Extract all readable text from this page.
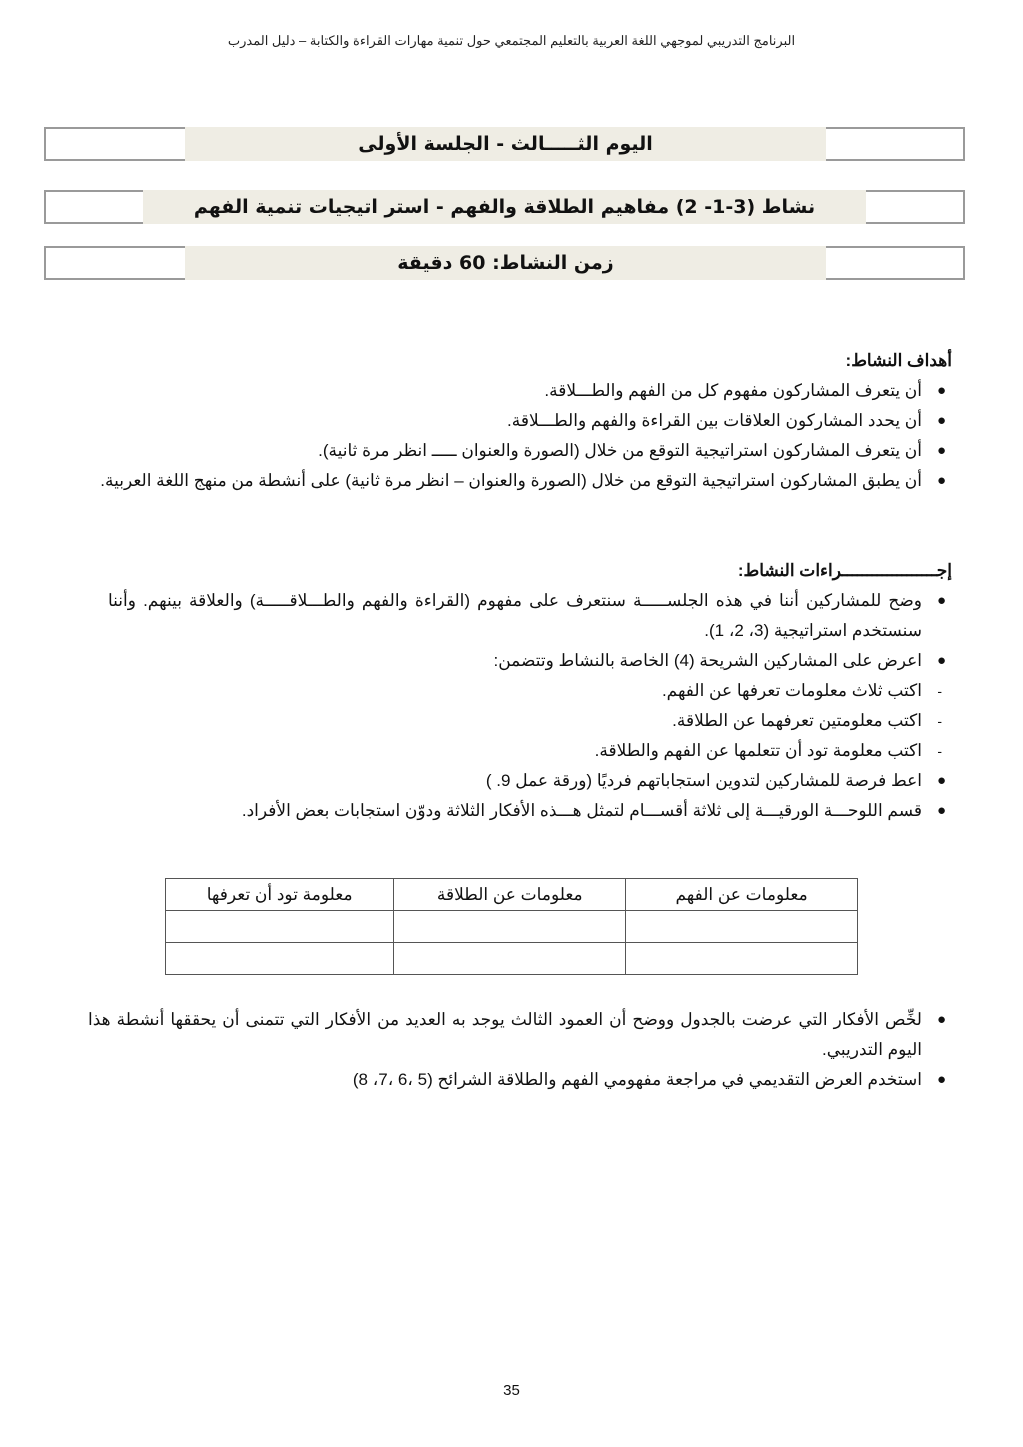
البرنامج التدريبي لموجهي اللغة العربية بالتعليم المجتمعي حول تنمية مهارات القراءة والكتابة – دليل المدرب
اليوم الثـــــالث - الجلسة الأولى
نشاط (3-1- 2) مفاهيم الطلاقة والفهم - استر اتيجيات تنمية الفهم
زمن النشاط: 60 دقيقة
أهداف النشاط:
●
أن يتعرف المشاركون مفهوم كل من الفهم والطـــلاقة.
●
أن يحدد المشاركون العلاقات بين القراءة والفهم والطـــلاقة.
●
أن يتعرف المشاركون استراتيجية التوقع من خلال (الصورة والعنوان ـــــ انظر مرة ثانية).
●
أن يطبق المشاركون استراتيجية التوقع من خلال (الصورة والعنوان – انظر مرة ثانية) على أنشطة من منهج اللغة العربية.
إجـــــــــــــــــــراءات النشاط:
●
وضح للمشاركين أننا في هذه الجلســـــة سنتعرف على مفهوم (القراءة والفهم والطـــلاقـــــة) والعلاقة بينهم. وأننا سنستخدم استراتيجية (3، 2، 1).
●
اعرض على المشاركين الشريحة (4) الخاصة بالنشاط وتتضمن:
-
اكتب ثلاث معلومات تعرفها عن الفهم.
-
اكتب معلومتين تعرفهما عن الطلاقة.
-
اكتب معلومة تود أن تتعلمها عن الفهم والطلاقة.
●
اعط فرصة للمشاركين لتدوين استجاباتهم فرديًا (ورقة عمل 9. )
●
قسم اللوحـــة الورقيـــة إلى ثلاثة أقســـام لتمثل هـــذه الأفكار الثلاثة ودوّن استجابات بعض الأفراد.
معلومات عن الفهم	معلومات عن الطلاقة	معلومة تود أن تعرفها

●
لخِّص الأفكار التي عرضت بالجدول ووضح أن العمود الثالث يوجد به العديد من الأفكار التي تتمنى أن يحققها أنشطة هذا اليوم التدريبي.
●
استخدم العرض التقديمي في مراجعة مفهومي الفهم والطلاقة الشرائح (5 ،6 ،7، 8)
35
